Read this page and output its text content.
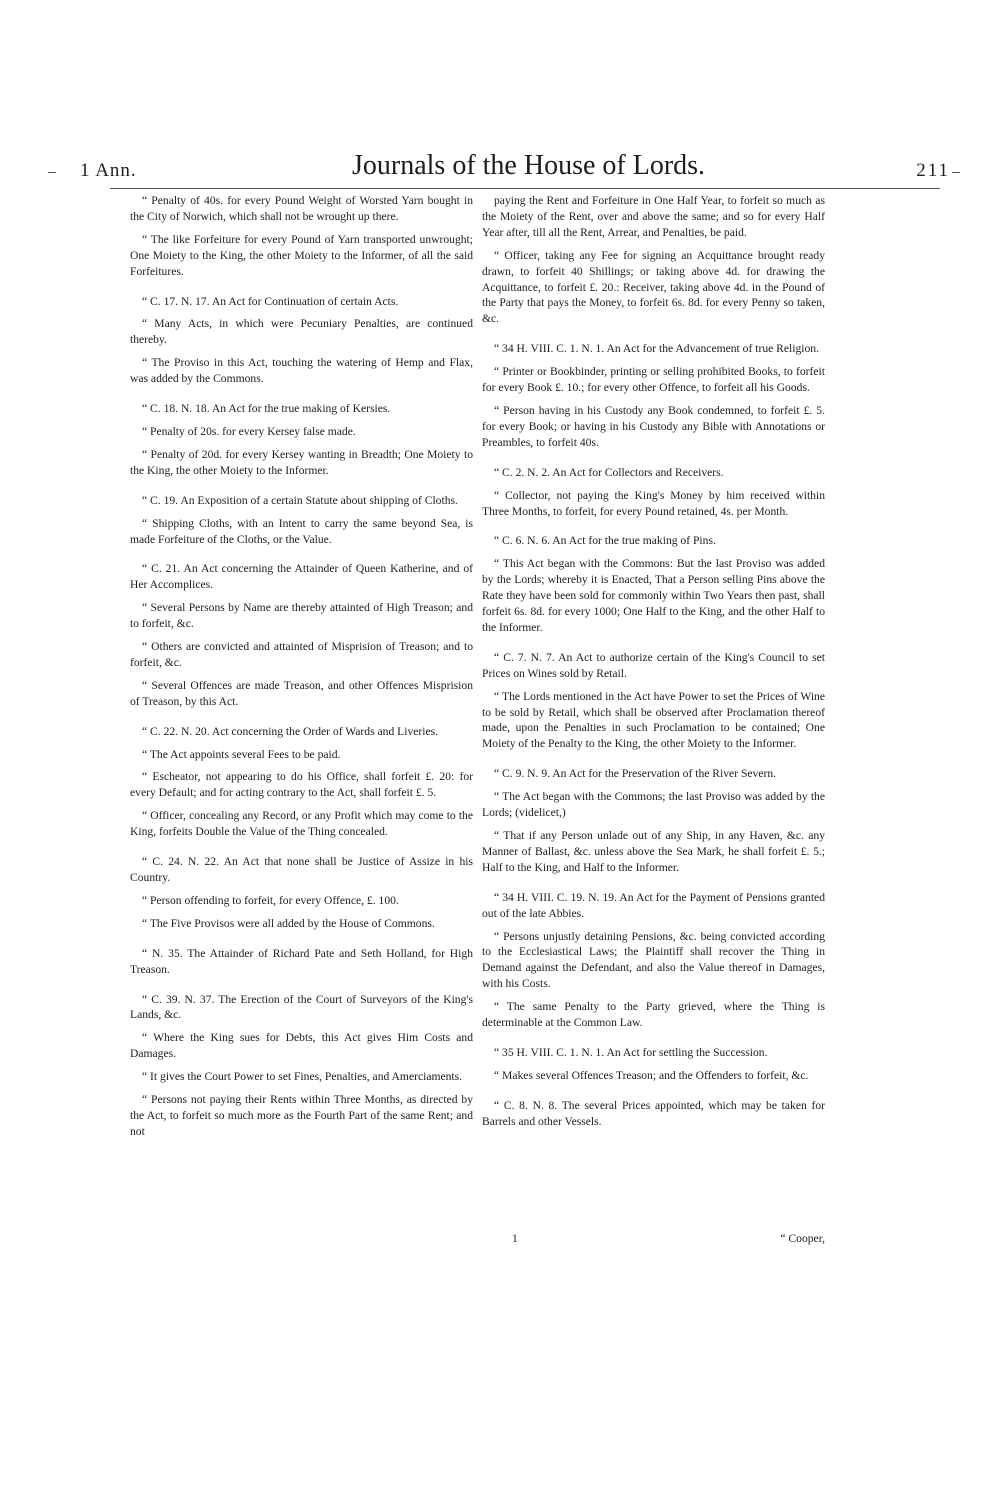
1 Ann.	Journals of the House of Lords.	211

“ Penalty of 40s. for every Pound Weight of Worsted Yarn bought in the City of Norwich, which shall not be wrought up there.

“ The like Forfeiture for every Pound of Yarn transported unwrought; One Moiety to the King, the other Moiety to the Informer, of all the said Forfeitures.

“ C. 17. N. 17. An Act for Continuation of certain Acts.

“ Many Acts, in which were Pecuniary Penalties, are continued thereby.

“ The Proviso in this Act, touching the watering of Hemp and Flax, was added by the Commons.

“ C. 18. N. 18. An Act for the true making of Kersies.

“ Penalty of 20s. for every Kersey false made.

“ Penalty of 20d. for every Kersey wanting in Breadth; One Moiety to the King, the other Moiety to the Informer.

“ C. 19. An Exposition of a certain Statute about shipping of Cloths.

“ Shipping Cloths, with an Intent to carry the same beyond Sea, is made Forfeiture of the Cloths, or the Value.

“ C. 21. An Act concerning the Attainder of Queen Katherine, and of Her Accomplices.

“ Several Persons by Name are thereby attainted of High Treason; and to forfeit, &c.

“ Others are convicted and attainted of Misprision of Treason; and to forfeit, &c.

“ Several Offences are made Treason, and other Offences Misprision of Treason, by this Act.

“ C. 22. N. 20. Act concerning the Order of Wards and Liveries.

“ The Act appoints several Fees to be paid.

“ Escheator, not appearing to do his Office, shall forfeit £. 20: for every Default; and for acting contrary to the Act, shall forfeit £. 5.

“ Officer, concealing any Record, or any Profit which may come to the King, forfeits Double the Value of the Thing concealed.

“ C. 24. N. 22. An Act that none shall be Justice of Assize in his Country.

“ Person offending to forfeit, for every Offence, £. 100.

“ The Five Provisos were all added by the House of Commons.

“ N. 35. The Attainder of Richard Pate and Seth Holland, for High Treason.

“ C. 39. N. 37. The Erection of the Court of Surveyors of the King's Lands, &c.

“ Where the King sues for Debts, this Act gives Him Costs and Damages.

“ It gives the Court Power to set Fines, Penalties, and Amerciaments.

“ Persons not paying their Rents within Three Months, as directed by the Act, to forfeit so much more as the Fourth Part of the same Rent; and not

paying the Rent and Forfeiture in One Half Year, to forfeit so much as the Moiety of the Rent, over and above the same; and so for every Half Year after, till all the Rent, Arrear, and Penalties, be paid.

“ Officer, taking any Fee for signing an Acquittance brought ready drawn, to forfeit 40 Shillings; or taking above 4d. for drawing the Acquittance, to forfeit £. 20.: Receiver, taking above 4d. in the Pound of the Party that pays the Money, to forfeit 6s. 8d. for every Penny so taken, &c.

“ 34 H. VIII. C. 1. N. 1. An Act for the Advancement of true Religion.

“ Printer or Bookbinder, printing or selling prohibited Books, to forfeit for every Book £. 10.; for every other Offence, to forfeit all his Goods.

“ Person having in his Custody any Book condemned, to forfeit £. 5. for every Book; or having in his Custody any Bible with Annotations or Preambles, to forfeit 40s.

“ C. 2. N. 2. An Act for Collectors and Receivers.

“ Collector, not paying the King's Money by him received within Three Months, to forfeit, for every Pound retained, 4s. per Month.

“ C. 6. N. 6. An Act for the true making of Pins.

“ This Act began with the Commons: But the last Proviso was added by the Lords; whereby it is Enacted, That a Person selling Pins above the Rate they have been sold for commonly within Two Years then past, shall forfeit 6s. 8d. for every 1000; One Half to the King, and the other Half to the Informer.

“ C. 7. N. 7. An Act to authorize certain of the King's Council to set Prices on Wines sold by Retail.

“ The Lords mentioned in the Act have Power to set the Prices of Wine to be sold by Retail, which shall be observed after Proclamation thereof made, upon the Penalties in such Proclamation to be contained; One Moiety of the Penalty to the King, the other Moiety to the Informer.

“ C. 9. N. 9. An Act for the Preservation of the River Severn.

“ The Act began with the Commons; the last Proviso was added by the Lords; (videlicet,)

“ That if any Person unlade out of any Ship, in any Haven, &c. any Manner of Ballast, &c. unless above the Sea Mark, he shall forfeit £. 5.; Half to the King, and Half to the Informer.

“ 34 H. VIII. C. 19. N. 19. An Act for the Payment of Pensions granted out of the late Abbies.

“ Persons unjustly detaining Pensions, &c. being convicted according to the Ecclesiastical Laws; the Plaintiff shall recover the Thing in Demand against the Defendant, and also the Value thereof in Damages, with his Costs.

“ The same Penalty to the Party grieved, where the Thing is determinable at the Common Law.

“ 35 H. VIII. C. 1. N. 1. An Act for settling the Succession.

“ Makes several Offences Treason; and the Offenders to forfeit, &c.

“ C. 8. N. 8. The several Prices appointed, which may be taken for Barrels and other Vessels.

1	“ Cooper,
